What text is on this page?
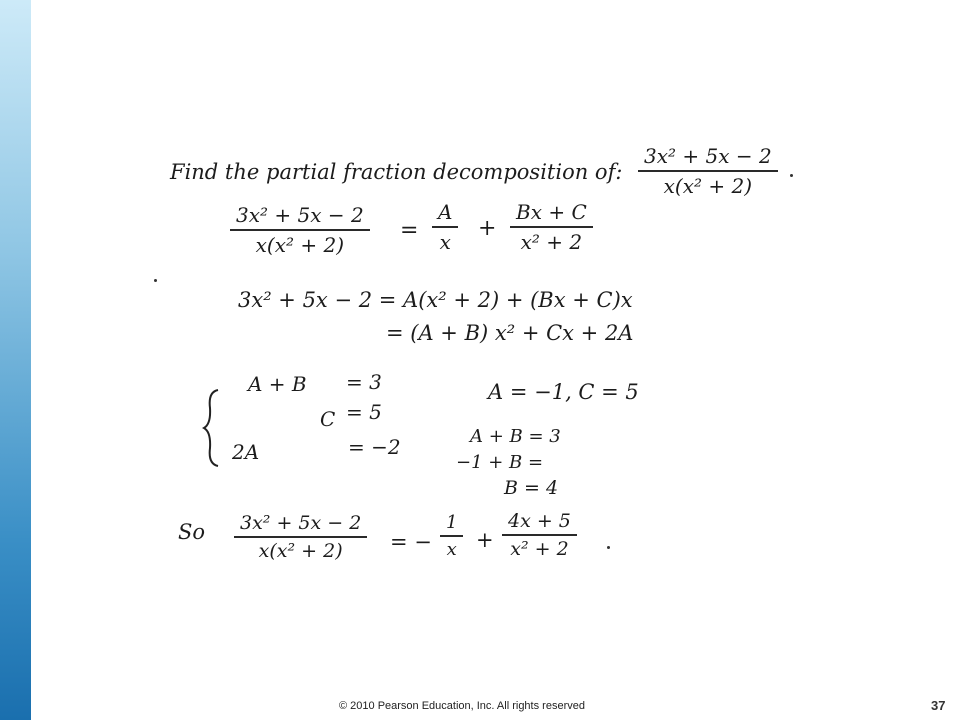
Find the partial fraction decomposition of:
3x² + 5x − 2
x(x² + 2)
3x² + 5x − 2
x(x² + 2)
=
A
x
+
Bx + C
x² + 2
3x² + 5x − 2 = A(x² + 2) + (Bx + C)x
= (A + B) x² + Cx + 2A
A + B = 3
C = 5
2A	= −2
A = −1, C = 5
A + B = 3
−1 + B =
B = 4
So	3x² + 5x − 2
x(x² + 2) = −
1
x +
4x + 5
x² + 2
© 2010 Pearson Education, Inc. All rights reserved	37
